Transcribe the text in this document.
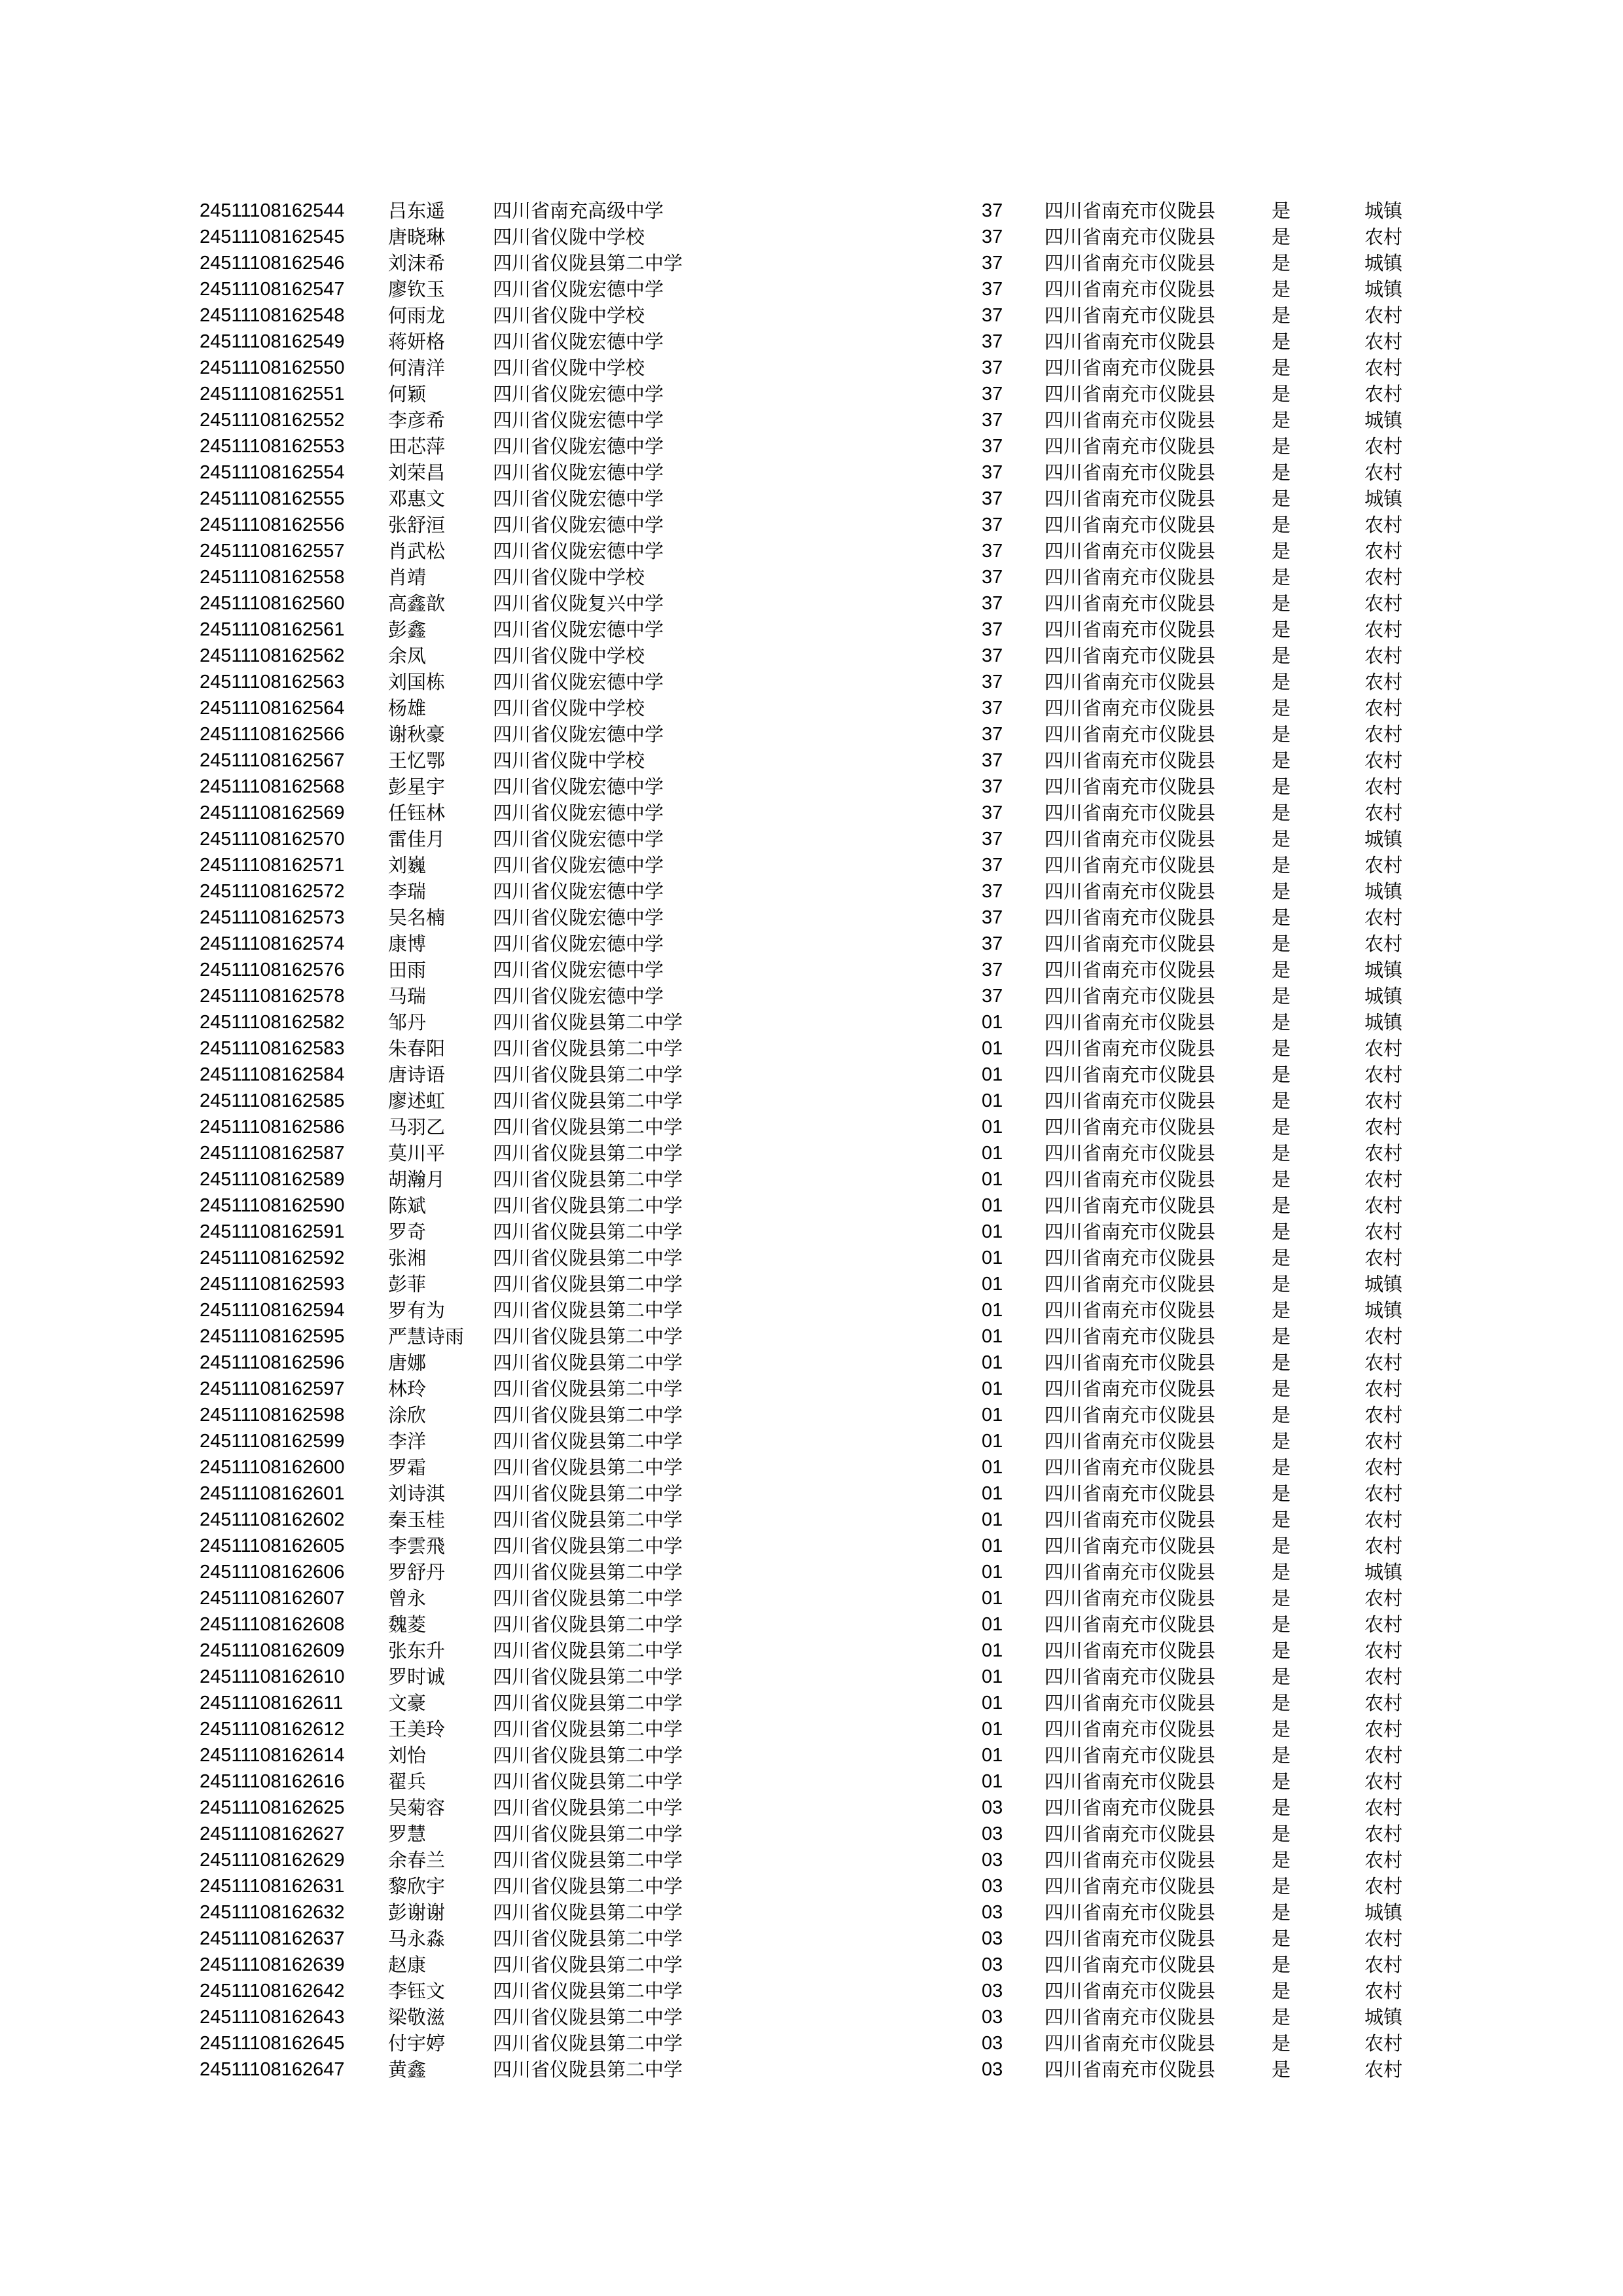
24511108162544 吕东遥	四川省南充高级中学	37 四川省南充市仪陇县	是	城镇
24511108162545 唐晓琳	四川省仪陇中学校	37 四川省南充市仪陇县	是	农村
24511108162546 刘沫希	四川省仪陇县第二中学	37 四川省南充市仪陇县	是	城镇
24511108162547 廖钦玉	四川省仪陇宏德中学	37 四川省南充市仪陇县	是	城镇
24511108162548 何雨龙	四川省仪陇中学校	37 四川省南充市仪陇县	是	农村
24511108162549 蒋妍格	四川省仪陇宏德中学	37 四川省南充市仪陇县	是	农村
24511108162550 何清洋	四川省仪陇中学校	37 四川省南充市仪陇县	是	农村
24511108162551 何颖	四川省仪陇宏德中学	37 四川省南充市仪陇县	是	农村
24511108162552 李彦希	四川省仪陇宏德中学	37 四川省南充市仪陇县	是	城镇
24511108162553 田芯萍	四川省仪陇宏德中学	37 四川省南充市仪陇县	是	农村
24511108162554 刘荣昌	四川省仪陇宏德中学	37 四川省南充市仪陇县	是	农村
24511108162555 邓惠文	四川省仪陇宏德中学	37 四川省南充市仪陇县	是	城镇
24511108162556 张舒洹	四川省仪陇宏德中学	37 四川省南充市仪陇县	是	农村
24511108162557 肖武松	四川省仪陇宏德中学	37 四川省南充市仪陇县	是	农村
24511108162558 肖靖	四川省仪陇中学校	37 四川省南充市仪陇县	是	农村
24511108162560 高鑫歆	四川省仪陇复兴中学	37 四川省南充市仪陇县	是	农村
24511108162561 彭鑫	四川省仪陇宏德中学	37 四川省南充市仪陇县	是	农村
24511108162562 余凤	四川省仪陇中学校	37 四川省南充市仪陇县	是	农村
24511108162563 刘国栋	四川省仪陇宏德中学	37 四川省南充市仪陇县	是	农村
24511108162564 杨雄	四川省仪陇中学校	37 四川省南充市仪陇县	是	农村
24511108162566 谢秋豪	四川省仪陇宏德中学	37 四川省南充市仪陇县	是	农村
24511108162567 王忆鄂	四川省仪陇中学校	37 四川省南充市仪陇县	是	农村
24511108162568 彭星宇	四川省仪陇宏德中学	37 四川省南充市仪陇县	是	农村
24511108162569 任钰林	四川省仪陇宏德中学	37 四川省南充市仪陇县	是	农村
24511108162570 雷佳月	四川省仪陇宏德中学	37 四川省南充市仪陇县	是	城镇
24511108162571 刘巍	四川省仪陇宏德中学	37 四川省南充市仪陇县	是	农村
24511108162572 李瑞	四川省仪陇宏德中学	37 四川省南充市仪陇县	是	城镇
24511108162573 吴名楠	四川省仪陇宏德中学	37 四川省南充市仪陇县	是	农村
24511108162574 康博	四川省仪陇宏德中学	37 四川省南充市仪陇县	是	农村
24511108162576 田雨	四川省仪陇宏德中学	37 四川省南充市仪陇县	是	城镇
24511108162578 马瑞	四川省仪陇宏德中学	37 四川省南充市仪陇县	是	城镇
24511108162582 邹丹	四川省仪陇县第二中学	01 四川省南充市仪陇县	是	城镇
24511108162583 朱春阳	四川省仪陇县第二中学	01 四川省南充市仪陇县	是	农村
24511108162584 唐诗语	四川省仪陇县第二中学	01 四川省南充市仪陇县	是	农村
24511108162585 廖述虹	四川省仪陇县第二中学	01 四川省南充市仪陇县	是	农村
24511108162586 马羽乙	四川省仪陇县第二中学	01 四川省南充市仪陇县	是	农村
24511108162587 莫川平	四川省仪陇县第二中学	01 四川省南充市仪陇县	是	农村
24511108162589 胡瀚月	四川省仪陇县第二中学	01 四川省南充市仪陇县	是	农村
24511108162590 陈斌	四川省仪陇县第二中学	01 四川省南充市仪陇县	是	农村
24511108162591 罗奇	四川省仪陇县第二中学	01 四川省南充市仪陇县	是	农村
24511108162592 张湘	四川省仪陇县第二中学	01 四川省南充市仪陇县	是	农村
24511108162593 彭菲	四川省仪陇县第二中学	01 四川省南充市仪陇县	是	城镇
24511108162594 罗有为	四川省仪陇县第二中学	01 四川省南充市仪陇县	是	城镇
24511108162595 严慧诗雨 四川省仪陇县第二中学	01 四川省南充市仪陇县	是	农村
24511108162596 唐娜	四川省仪陇县第二中学	01 四川省南充市仪陇县	是	农村
24511108162597 林玲	四川省仪陇县第二中学	01 四川省南充市仪陇县	是	农村
24511108162598 涂欣	四川省仪陇县第二中学	01 四川省南充市仪陇县	是	农村
24511108162599 李洋	四川省仪陇县第二中学	01 四川省南充市仪陇县	是	农村
24511108162600 罗霜	四川省仪陇县第二中学	01 四川省南充市仪陇县	是	农村
24511108162601 刘诗淇	四川省仪陇县第二中学	01 四川省南充市仪陇县	是	农村
24511108162602 秦玉桂	四川省仪陇县第二中学	01 四川省南充市仪陇县	是	农村
24511108162605 李雲飛	四川省仪陇县第二中学	01 四川省南充市仪陇县	是	农村
24511108162606 罗舒丹	四川省仪陇县第二中学	01 四川省南充市仪陇县	是	城镇
24511108162607 曾永	四川省仪陇县第二中学	01 四川省南充市仪陇县	是	农村
24511108162608 魏菱	四川省仪陇县第二中学	01 四川省南充市仪陇县	是	农村
24511108162609 张东升	四川省仪陇县第二中学	01 四川省南充市仪陇县	是	农村
24511108162610 罗时诚	四川省仪陇县第二中学	01 四川省南充市仪陇县	是	农村
24511108162611 文豪	四川省仪陇县第二中学	01 四川省南充市仪陇县	是	农村
24511108162612 王美玲	四川省仪陇县第二中学	01 四川省南充市仪陇县	是	农村
24511108162614 刘怡	四川省仪陇县第二中学	01 四川省南充市仪陇县	是	农村
24511108162616 翟兵	四川省仪陇县第二中学	01 四川省南充市仪陇县	是	农村
24511108162625 吴菊容	四川省仪陇县第二中学	03 四川省南充市仪陇县	是	农村
24511108162627 罗慧	四川省仪陇县第二中学	03 四川省南充市仪陇县	是	农村
24511108162629 余春兰	四川省仪陇县第二中学	03 四川省南充市仪陇县	是	农村
24511108162631 黎欣宇	四川省仪陇县第二中学	03 四川省南充市仪陇县	是	农村
24511108162632 彭谢谢	四川省仪陇县第二中学	03 四川省南充市仪陇县	是	城镇
24511108162637 马永淼	四川省仪陇县第二中学	03 四川省南充市仪陇县	是	农村
24511108162639 赵康	四川省仪陇县第二中学	03 四川省南充市仪陇县	是	农村
24511108162642 李钰文	四川省仪陇县第二中学	03 四川省南充市仪陇县	是	农村
24511108162643 梁敬滋	四川省仪陇县第二中学	03 四川省南充市仪陇县	是	城镇
24511108162645 付宇婷	四川省仪陇县第二中学	03 四川省南充市仪陇县	是	农村
24511108162647 黄鑫	四川省仪陇县第二中学	03 四川省南充市仪陇县	是	农村
